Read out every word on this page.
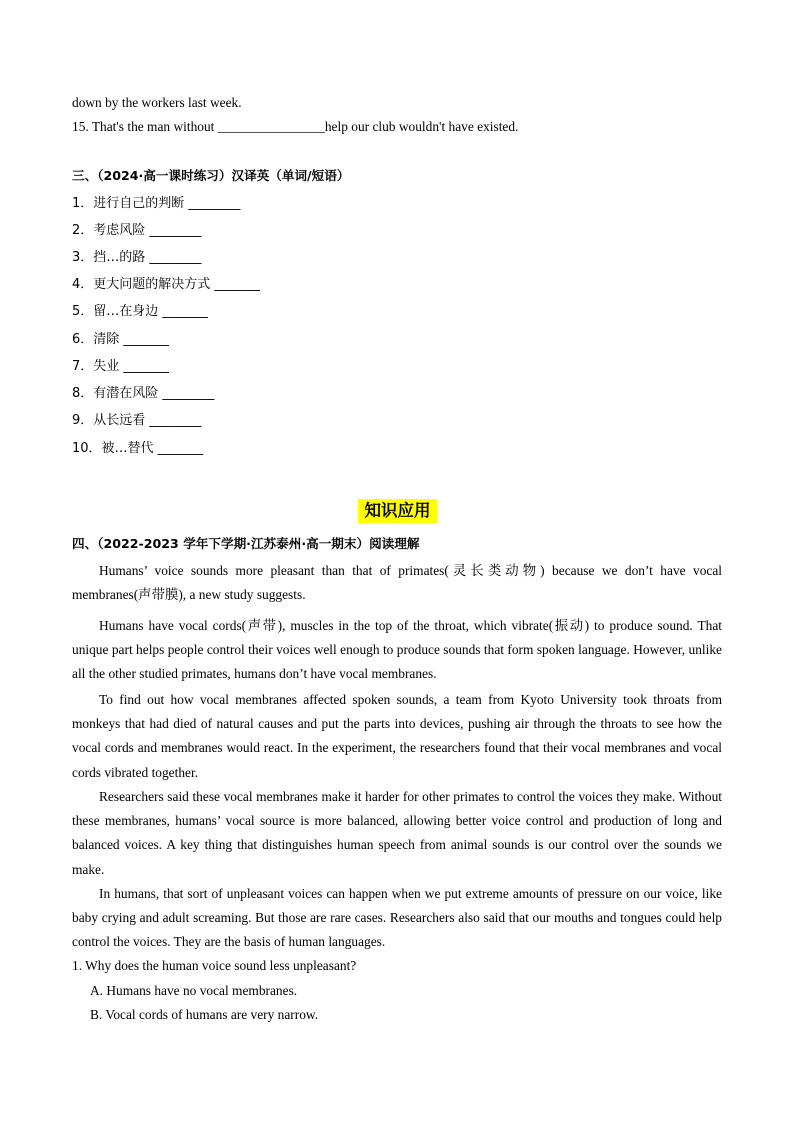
down by the workers last week.
15. That's the man without ________________help our club wouldn't have existed.
三、（2024·高一课时练习）汉译英（单词/短语）
1．进行自己的判断 ________
2．考虑风险 ________
3．挡…的路 ________
4．更大问题的解决方式 _______
5．留…在身边 _______
6．清除 _______
7．失业 _______
8．有潜在风险 ________
9．从长远看 ________
10．被…替代 _______
知识应用
四、（2022-2023 学年下学期·江苏泰州·高一期末）阅读理解
Humans’ voice sounds more pleasant than that of primates(灵长类动物) because we don’t have vocal membranes(声带膜), a new study suggests.
Humans have vocal cords(声带), muscles in the top of the throat, which vibrate(振动) to produce sound. That unique part helps people control their voices well enough to produce sounds that form spoken language. However, unlike all the other studied primates, humans don’t have vocal membranes.
To find out how vocal membranes affected spoken sounds, a team from Kyoto University took throats from monkeys that had died of natural causes and put the parts into devices, pushing air through the throats to see how the vocal cords and membranes would react. In the experiment, the researchers found that their vocal membranes and vocal cords vibrated together.
Researchers said these vocal membranes make it harder for other primates to control the voices they make. Without these membranes, humans’ vocal source is more balanced, allowing better voice control and production of long and balanced voices. A key thing that distinguishes human speech from animal sounds is our control over the sounds we make.
In humans, that sort of unpleasant voices can happen when we put extreme amounts of pressure on our voice, like baby crying and adult screaming. But those are rare cases. Researchers also said that our mouths and tongues could help control the voices. They are the basis of human languages.
1. Why does the human voice sound less unpleasant?
A. Humans have no vocal membranes.
B. Vocal cords of humans are very narrow.
